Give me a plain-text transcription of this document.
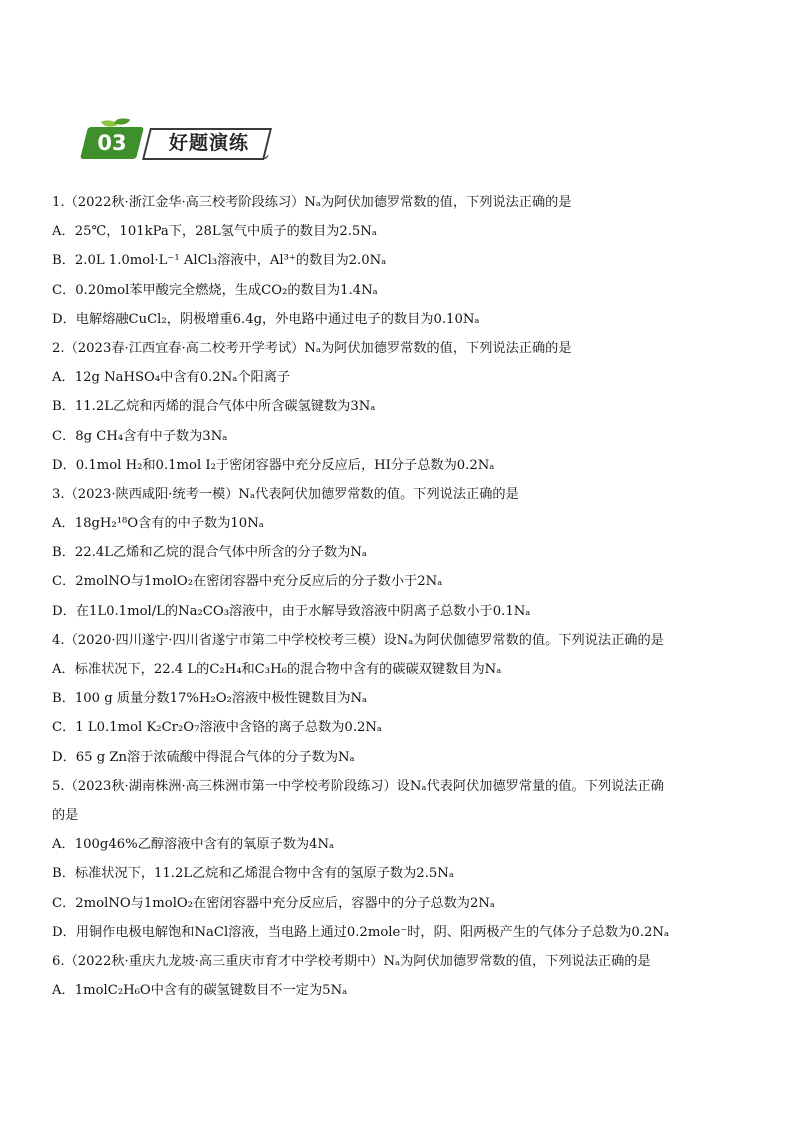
03	好题演练
1.（2022秋·浙江金华·高三校考阶段练习）Nₐ为阿伏加德罗常数的值，下列说法正确的是
A．25℃，101kPa下，28L氢气中质子的数目为2.5Nₐ
B．2.0L 1.0mol·L⁻¹ AlCl₃溶液中，Al³⁺的数目为2.0Nₐ
C．0.20mol苯甲酸完全燃烧，生成CO₂的数目为1.4Nₐ
D．电解熔融CuCl₂，阴极增重6.4g，外电路中通过电子的数目为0.10Nₐ
2.（2023春·江西宜春·高二校考开学考试）Nₐ为阿伏加德罗常数的值，下列说法正确的是
A．12g NaHSO₄中含有0.2Nₐ个阳离子
B．11.2L乙烷和丙烯的混合气体中所含碳氢键数为3Nₐ
C．8g CH₄含有中子数为3Nₐ
D．0.1mol H₂和0.1mol I₂于密闭容器中充分反应后，HI分子总数为0.2Nₐ
3.（2023·陕西咸阳·统考一模）Nₐ代表阿伏加德罗常数的值。下列说法正确的是
A．18gH₂¹⁸O含有的中子数为10Nₐ
B．22.4L乙烯和乙烷的混合气体中所含的分子数为Nₐ
C．2molNO与1molO₂在密闭容器中充分反应后的分子数小于2Nₐ
D．在1L0.1mol/L的Na₂CO₃溶液中，由于水解导致溶液中阴离子总数小于0.1Nₐ
4.（2020·四川遂宁·四川省遂宁市第二中学校校考三模）设Nₐ为阿伏伽德罗常数的值。下列说法正确的是
A．标准状况下，22.4 L的C₂H₄和C₃H₆的混合物中含有的碳碳双键数目为Nₐ
B．100 g 质量分数17%H₂O₂溶液中极性键数目为Nₐ
C．1 L0.1mol K₂Cr₂O₇溶液中含铬的离子总数为0.2Nₐ
D．65 g Zn溶于浓硫酸中得混合气体的分子数为Nₐ
5.（2023秋·湖南株洲·高三株洲市第一中学校考阶段练习）设Nₐ代表阿伏加德罗常量的值。下列说法正确
的是
A．100g46%乙醇溶液中含有的氧原子数为4Nₐ
B．标准状况下，11.2L乙烷和乙烯混合物中含有的氢原子数为2.5Nₐ
C．2molNO与1molO₂在密闭容器中充分反应后，容器中的分子总数为2Nₐ
D．用铜作电极电解饱和NaCl溶液，当电路上通过0.2mole⁻时，阴、阳两极产生的气体分子总数为0.2Nₐ
6.（2022秋·重庆九龙坡·高三重庆市育才中学校考期中）Nₐ为阿伏加德罗常数的值，下列说法正确的是
A．1molC₂H₆O中含有的碳氢键数目不一定为5Nₐ
